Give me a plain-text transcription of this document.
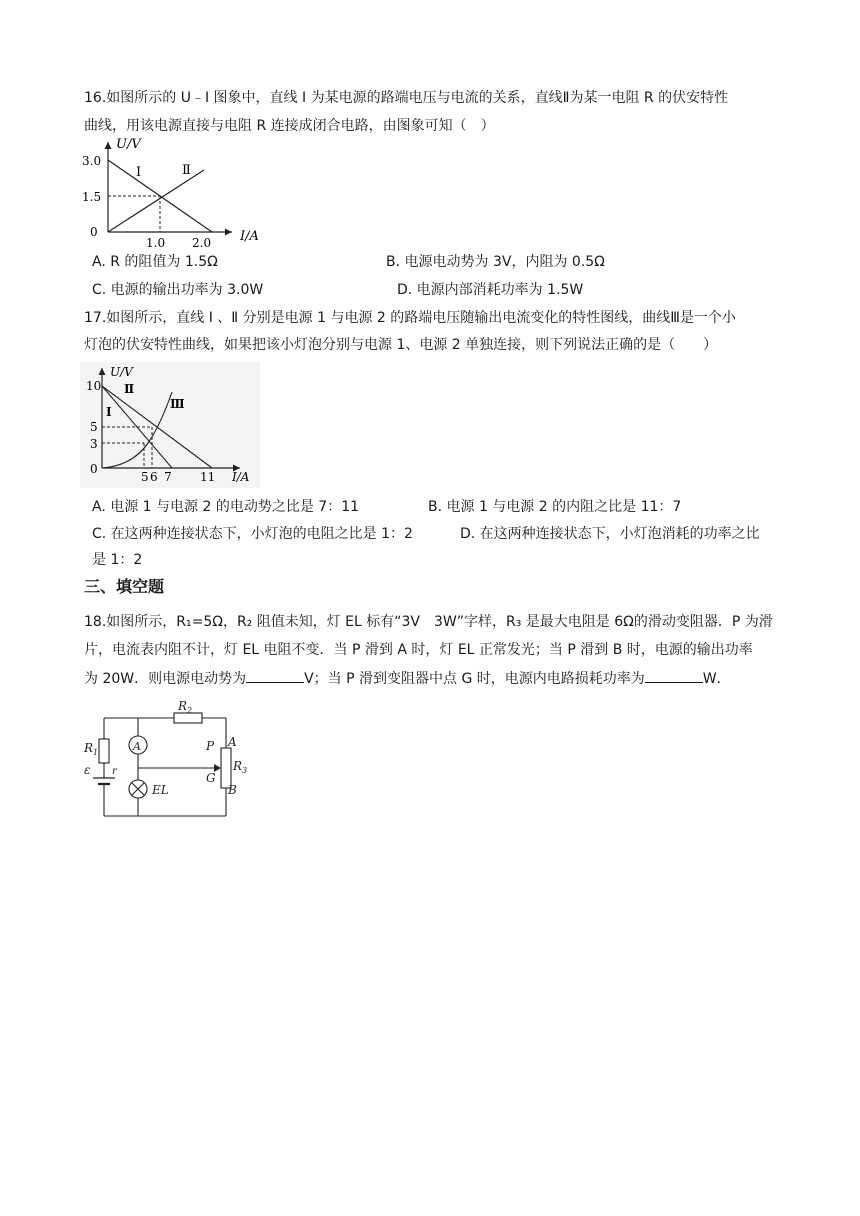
16.如图所示的 U﹣I 图象中，直线 I 为某电源的路端电压与电流的关系，直线Ⅱ为某一电阻 R 的伏安特性
曲线，用该电源直接与电阻 R 连接成闭合电路，由图象可知（　）
U/V
I/A
3.0
1.5
0
1.0 2.0
I	Ⅱ
A. R 的阻值为 1.5Ω	B. 电源电动势为 3V，内阻为 0.5Ω
C. 电源的输出功率为 3.0W	D. 电源内部消耗功率为 1.5W
17.如图所示，直线 Ⅰ 、Ⅱ 分别是电源 1 与电源 2 的路端电压随输出电流变化的特性图线，曲线Ⅲ是一个小
灯泡的伏安特性曲线，如果把该小灯泡分别与电源 1、电源 2 单独连接，则下列说法正确的是（　　）
U/V
I/A
10
5
3
0
5 6 7 11
Ⅱ
Ⅰ
Ⅲ
A. 电源 1 与电源 2 的电动势之比是 7：11	B. 电源 1 与电源 2 的内阻之比是 11：7
C. 在这两种连接状态下，小灯泡的电阻之比是 1：2	D. 在这两种连接状态下，小灯泡消耗的功率之比
是 1：2
三、填空题
18.如图所示，R₁=5Ω，R₂ 阻值未知，灯 EL 标有“3V　3W”字样，R₃ 是最大电阻是 6Ω的滑动变阻器．P 为滑
片，电流表内阻不计，灯 EL 电阻不变．当 P 滑到 A 时，灯 EL 正常发光；当 P 滑到 B 时，电源的输出功率
为 20W．则电源电动势为	V；当 P 滑到变阻器中点 G 时，电源内电路损耗功率为	W．
$R_2$
$R_1$
ε r
A
EL
P A
$R_3$
G
B
